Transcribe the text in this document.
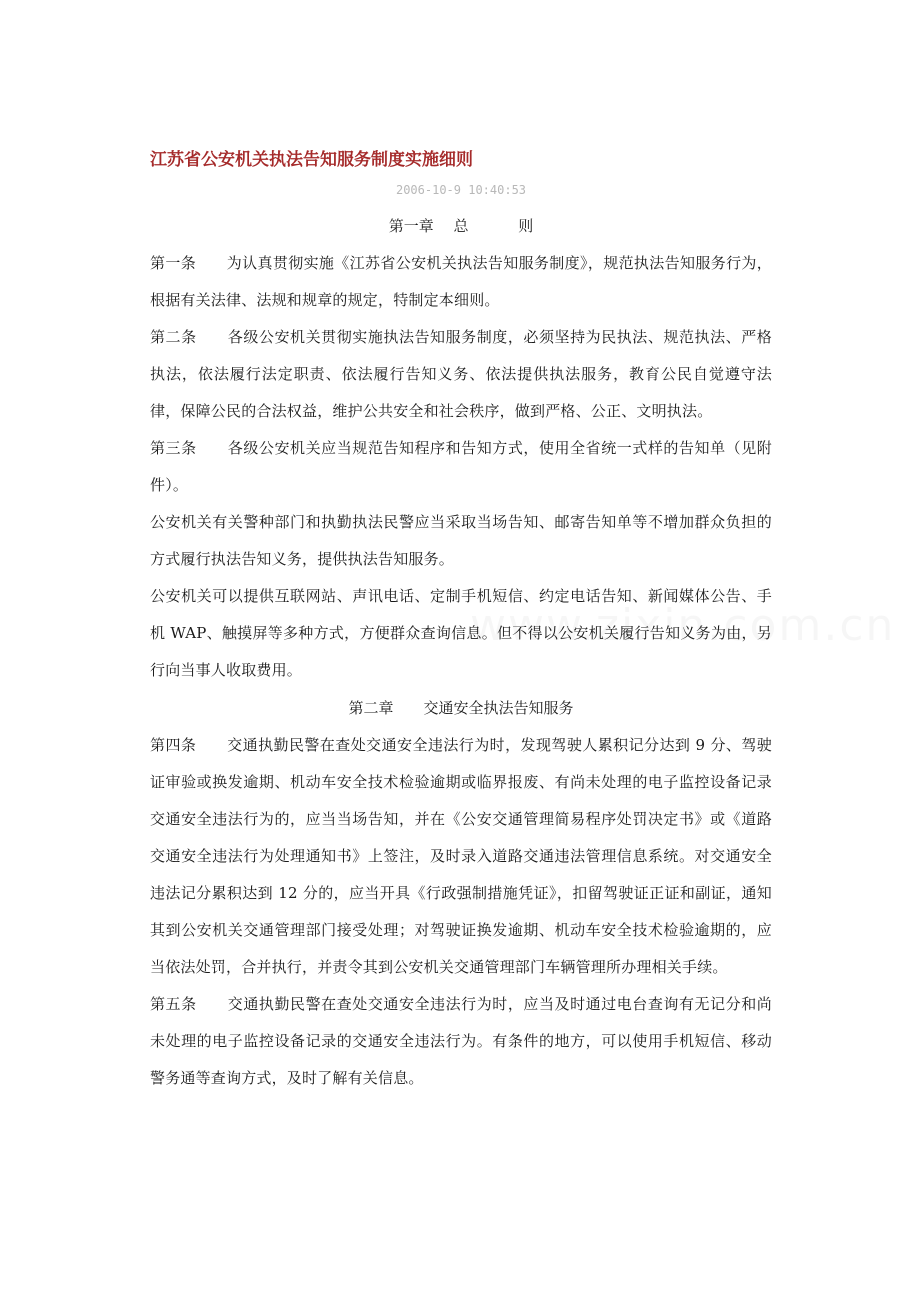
江苏省公安机关执法告知服务制度实施细则
2006-10-9 10:40:53
第一章　 总　　 　则

第一条　　为认真贯彻实施《江苏省公安机关执法告知服务制度》，规范执法告知服务行为，根据有关法律、法规和规章的规定，特制定本细则。

第二条　　各级公安机关贯彻实施执法告知服务制度，必须坚持为民执法、规范执法、严格执法，依法履行法定职责、依法履行告知义务、依法提供执法服务，教育公民自觉遵守法律，保障公民的合法权益，维护公共安全和社会秩序，做到严格、公正、文明执法。

第三条　　各级公安机关应当规范告知程序和告知方式，使用全省统一式样的告知单（见附件）。

公安机关有关警种部门和执勤执法民警应当采取当场告知、邮寄告知单等不增加群众负担的方式履行执法告知义务，提供执法告知服务。

公安机关可以提供互联网站、声讯电话、定制手机短信、约定电话告知、新闻媒体公告、手机 WAP、触摸屏等多种方式，方便群众查询信息。但不得以公安机关履行告知义务为由，另行向当事人收取费用。

第二章　　交通安全执法告知服务

第四条　　交通执勤民警在查处交通安全违法行为时，发现驾驶人累积记分达到 9 分、驾驶证审验或换发逾期、机动车安全技术检验逾期或临界报废、有尚未处理的电子监控设备记录交通安全违法行为的，应当当场告知，并在《公安交通管理简易程序处罚决定书》或《道路交通安全违法行为处理通知书》上签注，及时录入道路交通违法管理信息系统。对交通安全违法记分累积达到 12 分的，应当开具《行政强制措施凭证》，扣留驾驶证正证和副证，通知其到公安机关交通管理部门接受处理；对驾驶证换发逾期、机动车安全技术检验逾期的，应当依法处罚，合并执行，并责令其到公安机关交通管理部门车辆管理所办理相关手续。

第五条　　交通执勤民警在查处交通安全违法行为时，应当及时通过电台查询有无记分和尚未处理的电子监控设备记录的交通安全违法行为。有条件的地方，可以使用手机短信、移动警务通等查询方式，及时了解有关信息。
